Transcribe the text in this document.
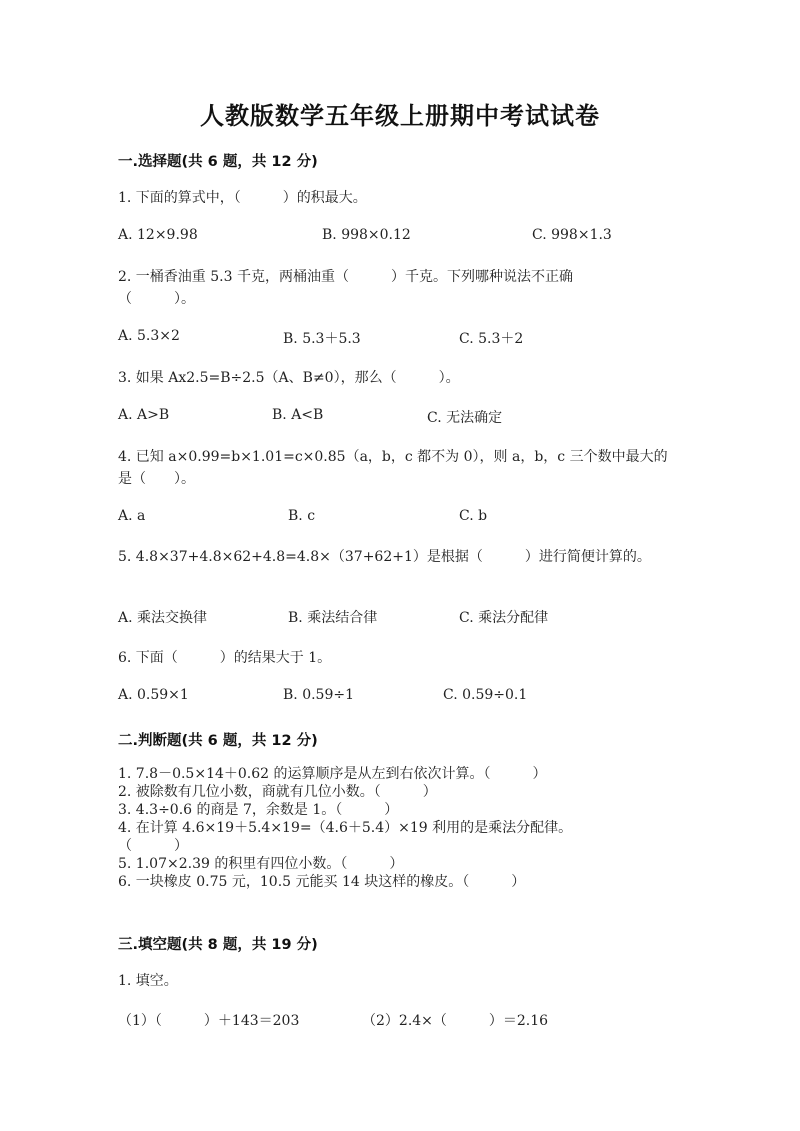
人教版数学五年级上册期中考试试卷
一.选择题(共 6 题，共 12 分)
1. 下面的算式中，（　　　）的积最大。
A. 12×9.98	B. 998×0.12	C. 998×1.3
2. 一桶香油重 5.3 千克，两桶油重（　　　）千克。下列哪种说法不正确（　　　）。
A. 5.3×2	B. 5.3＋5.3	C. 5.3＋2
3. 如果 Ax2.5=B÷2.5（A、B≠0），那么（　　　）。
A. A>B	B. A<B	C. 无法确定
4. 已知 a×0.99=b×1.01=c×0.85（a，b，c 都不为 0），则 a，b，c 三个数中最大的是（　　）。
A. a	B. c	C. b
5. 4.8×37+4.8×62+4.8=4.8×（37+62+1）是根据（　　　）进行简便计算的。
A. 乘法交换律	B. 乘法结合律	C. 乘法分配律
6. 下面（　　　）的结果大于 1。
A. 0.59×1	B. 0.59÷1	C. 0.59÷0.1
二.判断题(共 6 题，共 12 分)
1. 7.8－0.5×14＋0.62 的运算顺序是从左到右依次计算。（　　　）
2. 被除数有几位小数，商就有几位小数。（　　　）
3. 4.3÷0.6 的商是 7，余数是 1。（　　　）
4. 在计算 4.6×19＋5.4×19=（4.6＋5.4）×19 利用的是乘法分配律。
（　　　）
5. 1.07×2.39 的积里有四位小数。（　　　）
6. 一块橡皮 0.75 元，10.5 元能买 14 块这样的橡皮。（　　　）
三.填空题(共 8 题，共 19 分)
1. 填空。
（1）（　　　）＋143＝203	（2）2.4×（　　　）＝2.16
